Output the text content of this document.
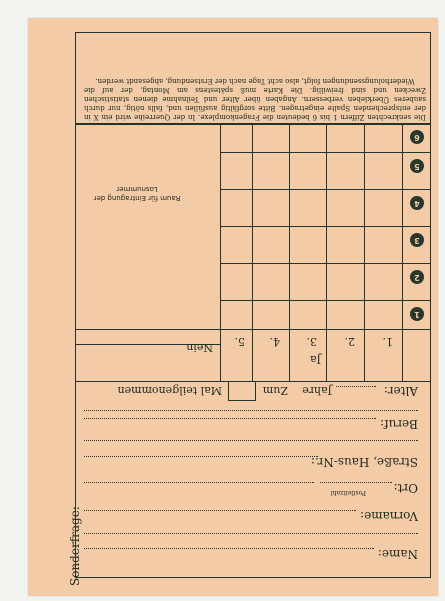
Sonderfrage:	Name:
Vorname:
Ort:
Postleitzahl
Straße, Haus-Nr.:
Beruf:
Alter:
Jahre
Zum
Mal teilgenommen
1.
2.
3.
4.
5.
Ja
Nein
1
2
3
4
5
6
Raum für Eintragung der Losnummer
Die senkrechten Ziffern 1 bis 6 bedeuten die Fragenkomplexe. In der Querreihe wird ein X in der entsprechenden Spalte eingetragen. Bitte sorgfältig ausfüllen und, falls nötig, nur durch sauberes Überkleben verbessern. Angaben über Alter und Teilnahme dienen statistischen Zwecken und sind freiwillig. Die Karte muß spätestens am Montag, der auf die Wiederholungssendungen folgt, also acht Tage nach der Erstsendung, abgesandt werden.
